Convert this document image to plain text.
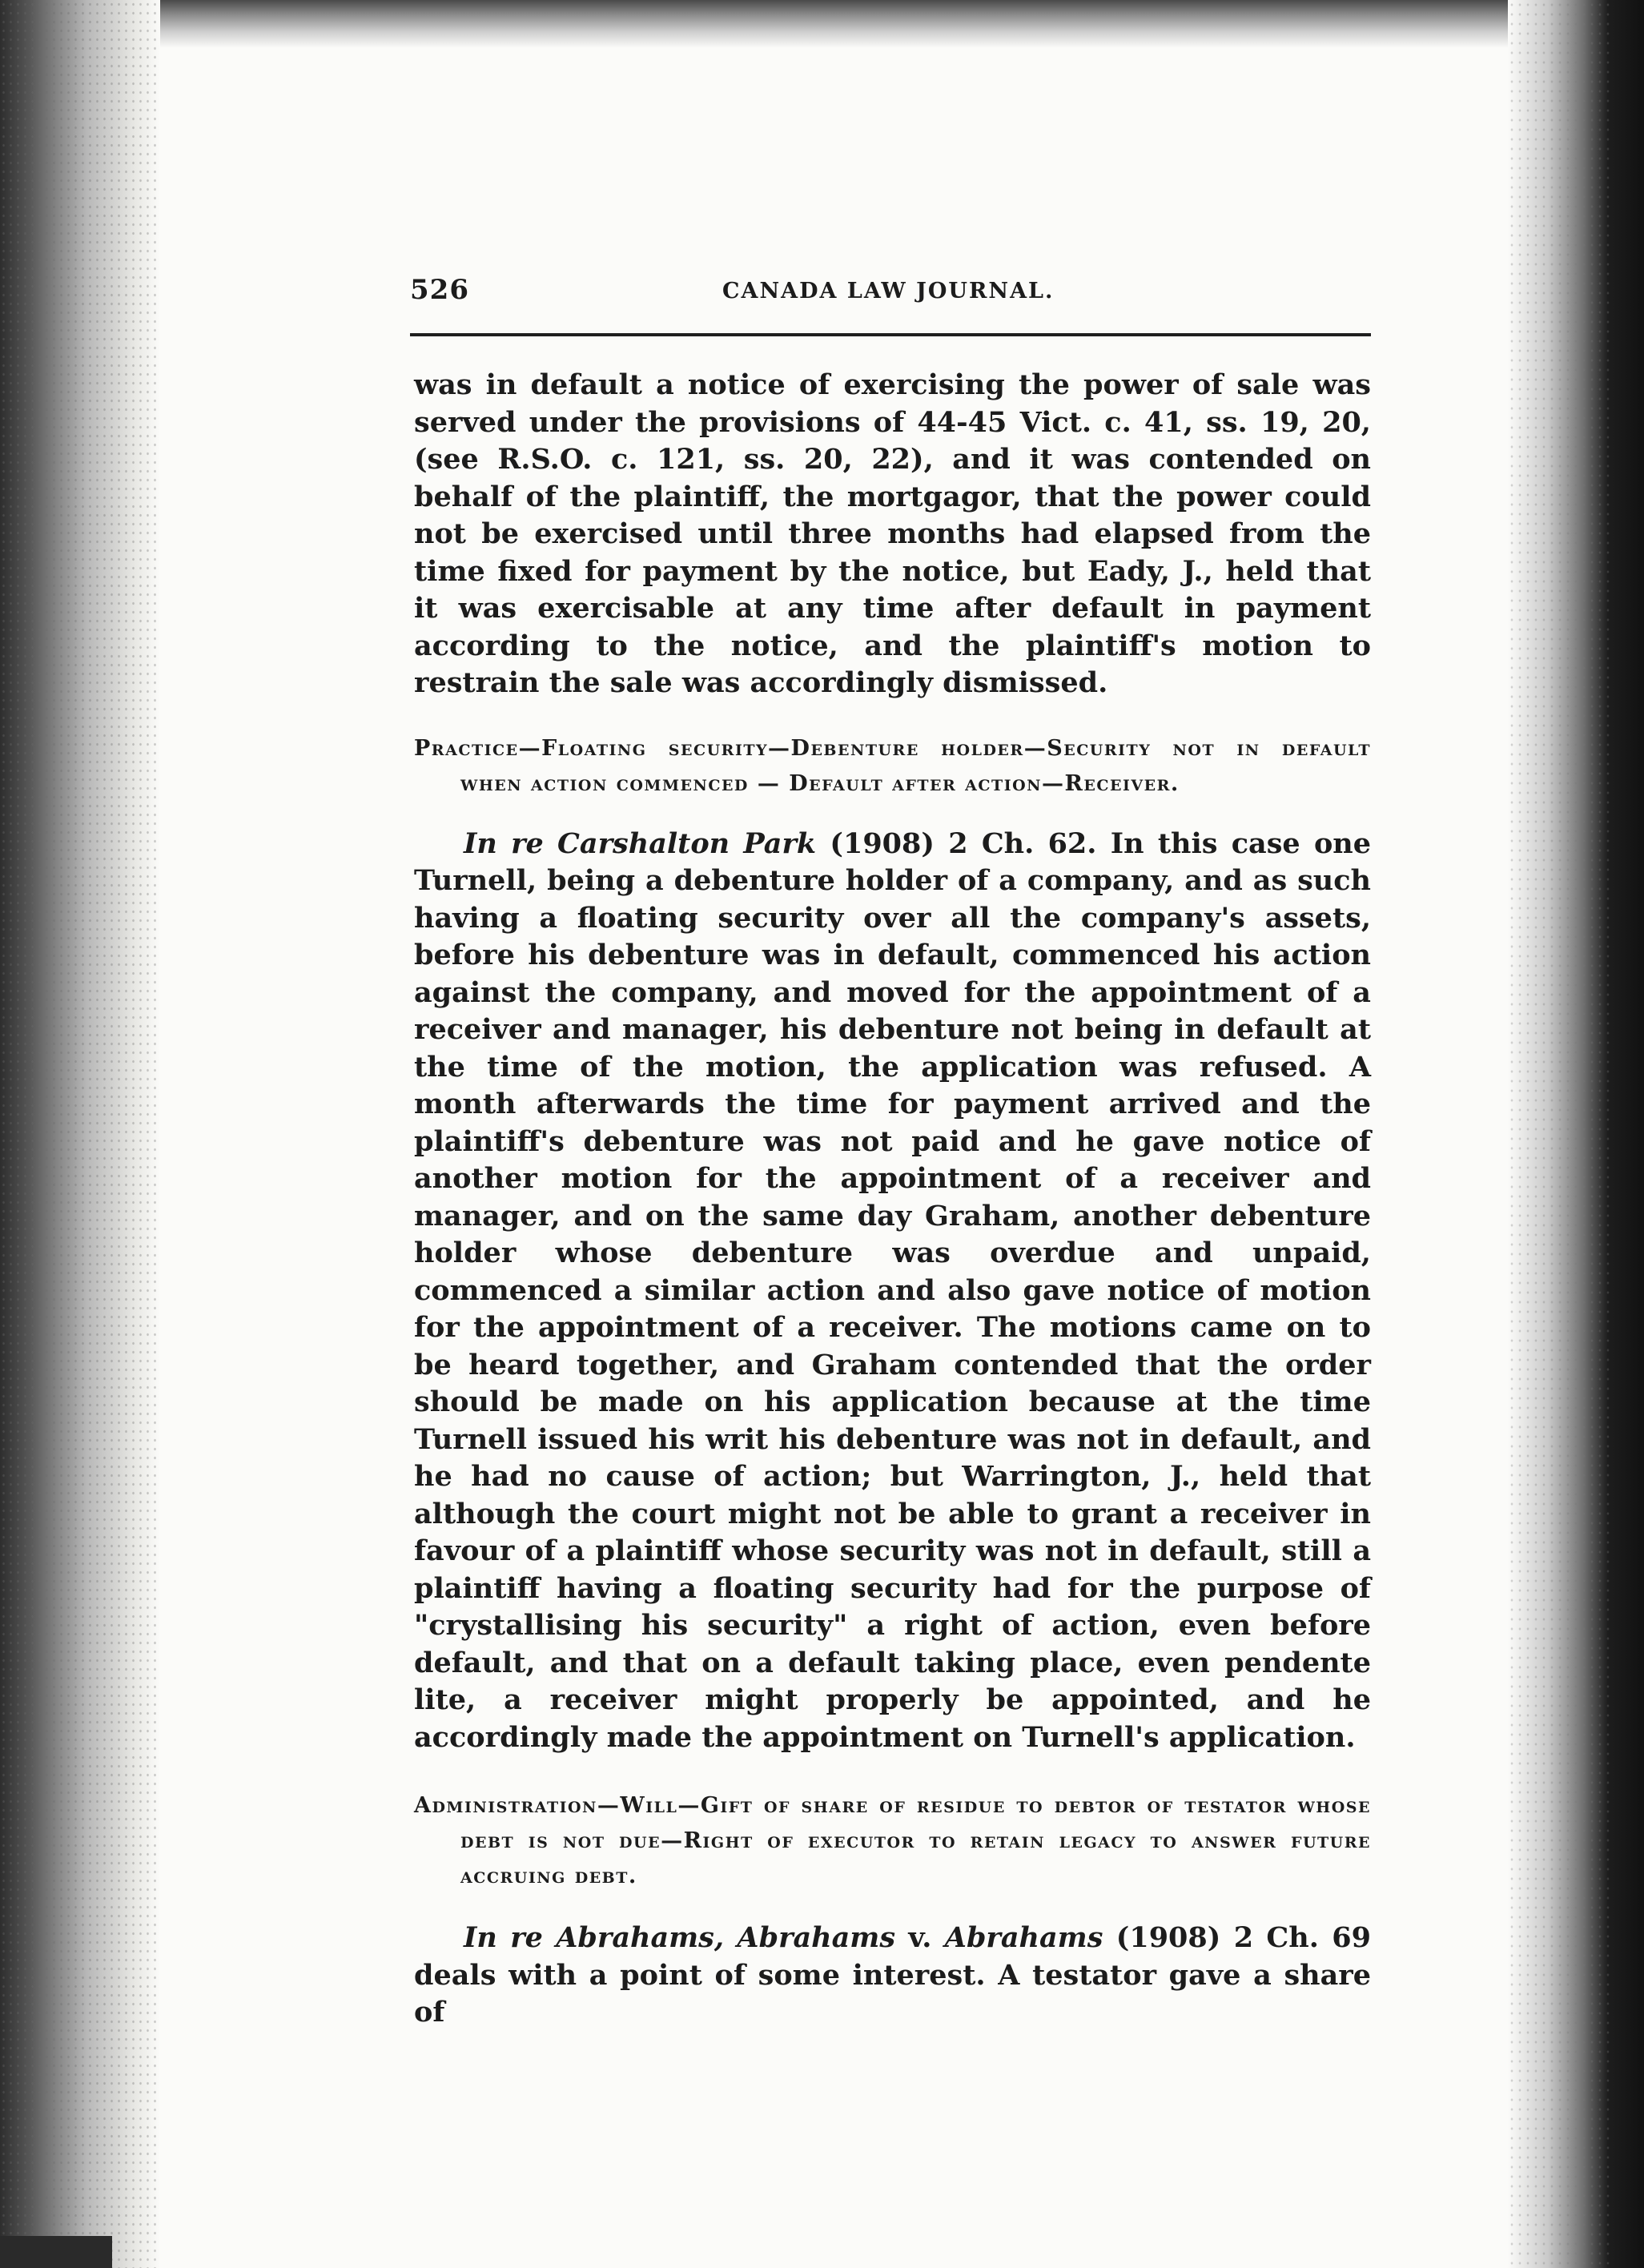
526	CANADA LAW JOURNAL.

was in default a notice of exercising the power of sale was served under the provisions of 44-45 Vict. c. 41, ss. 19, 20, (see R.S.O. c. 121, ss. 20, 22), and it was contended on behalf of the plaintiff, the mortgagor, that the power could not be exercised until three months had elapsed from the time fixed for payment by the notice, but Eady, J., held that it was exercisable at any time after default in payment according to the notice, and the plaintiff's motion to restrain the sale was accordingly dismissed.

Practice—Floating security—Debenture holder—Security not in default when action commenced — Default after action—Receiver.

In re Carshalton Park (1908) 2 Ch. 62. In this case one Turnell, being a debenture holder of a company, and as such having a floating security over all the company's assets, before his debenture was in default, commenced his action against the company, and moved for the appointment of a receiver and manager, his debenture not being in default at the time of the motion, the application was refused. A month afterwards the time for payment arrived and the plaintiff's debenture was not paid and he gave notice of another motion for the appointment of a receiver and manager, and on the same day Graham, another debenture holder whose debenture was overdue and unpaid, commenced a similar action and also gave notice of motion for the appointment of a receiver. The motions came on to be heard together, and Graham contended that the order should be made on his application because at the time Turnell issued his writ his debenture was not in default, and he had no cause of action; but Warrington, J., held that although the court might not be able to grant a receiver in favour of a plaintiff whose security was not in default, still a plaintiff having a floating security had for the purpose of "crystallising his security" a right of action, even before default, and that on a default taking place, even pendente lite, a receiver might properly be appointed, and he accordingly made the appointment on Turnell's application.

Administration—Will—Gift of share of residue to debtor of testator whose debt is not due—Right of executor to retain legacy to answer future accruing debt.

In re Abrahams, Abrahams v. Abrahams (1908) 2 Ch. 69 deals with a point of some interest. A testator gave a share of
